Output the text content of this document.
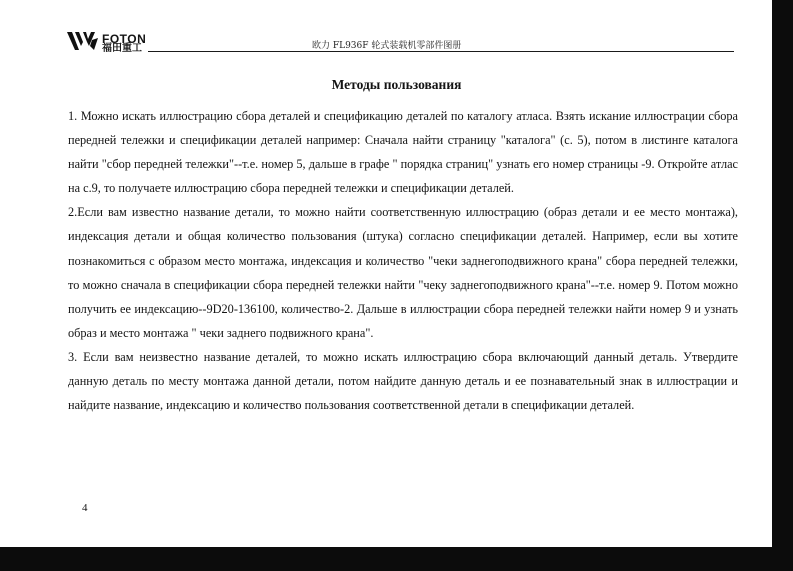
FOTON
福田重工	欧力 FL936F 轮式装载机零部件图册
Методы пользования

1. Можно искать иллюстрацию сбора деталей и спецификацию деталей по каталогу атласа. Взять искание иллюстрации сбора передней тележки и спецификации деталей например: Сначала найти страницу "каталога" (с. 5), потом в листинге каталога найти "сбор передней тележки"--т.е. номер 5, дальше в графе " порядка страниц" узнать его номер страницы -9. Откройте атлас на с.9, то получаете иллюстрацию сбора передней тележки и спецификации деталей.

2.Если вам известно название детали, то можно найти соответственную иллюстрацию (образ детали и ее место монтажа), индексация детали и общая количество пользования (штука) согласно спецификации деталей. Например, если вы хотите познакомиться с образом место монтажа, индексация и количество "чеки заднегоподвижного крана" сбора передней тележки, то можно сначала в спецификации сбора передней тележки найти "чеку заднегоподвижного крана"--т.е. номер 9. Потом можно получить ее индексацию--9D20-136100, количество-2. Дальше в иллюстрации сбора передней тележки найти номер 9 и узнать образ и место монтажа " чеки заднего подвижного крана".

3. Если вам неизвестно название деталей, то можно искать иллюстрацию сбора включающий данный деталь. Утвердите данную деталь по месту монтажа данной детали, потом найдите данную деталь и ее познавательный знак в иллюстрации и найдите название, индексацию и количество пользования соответственной детали в спецификации деталей.

4
